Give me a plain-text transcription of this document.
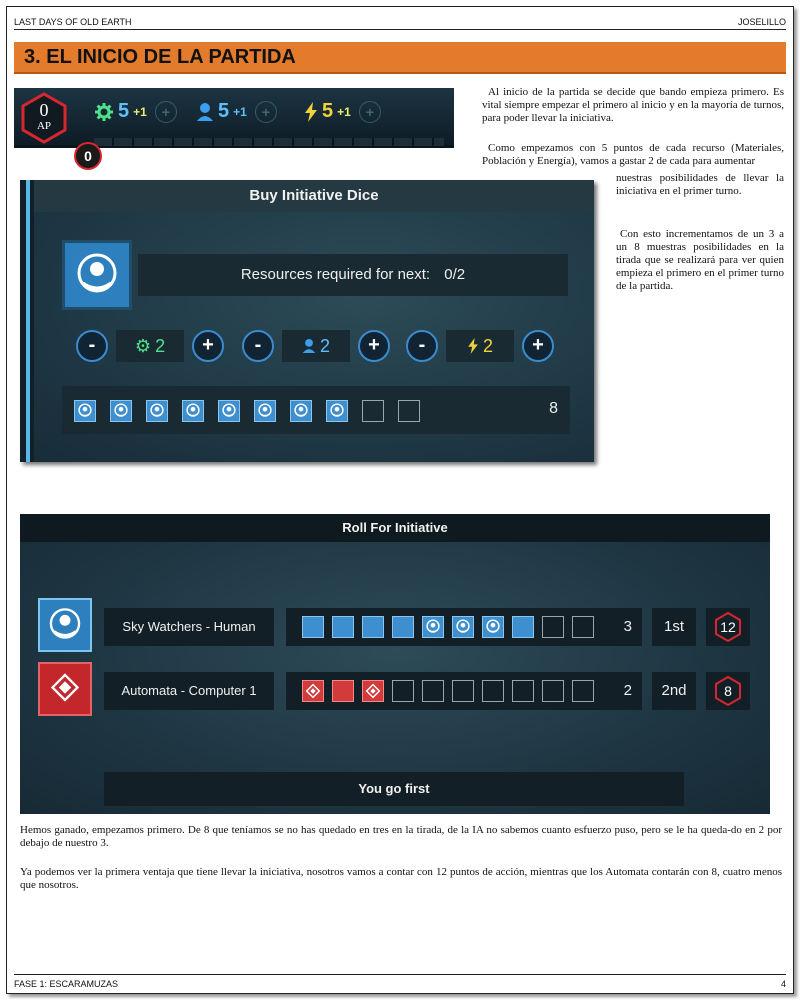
LAST DAYS OF OLD EARTH	JOSELILLO
3. EL INICIO DE LA PARTIDA
0
AP
5 +1	+	5 +1	+	5 +1	+
0
Al inicio de la partida se decide que bando empieza primero. Es vital siempre empezar el primero al inicio y en la mayoría de turnos, para poder llevar la iniciativa.
Como empezamos con 5 puntos de cada recurso (Materiales, Población y Energía), vamos a gastar 2 de cada para aumentar
nuestras posibilidades de llevar la iniciativa en el primer turno.
Con esto incrementamos de un 3 a un 8 muestras posibilidades en la tirada que se realizará para ver quien empieza el primero en el primer turno de la partida.
Buy Initiative Dice
Resources required for next: 0/2
-	⚙ 2	+	-	2	+	-	2	+
8
Roll For Initiative
Sky Watchers - Human	3	1st	12
Automata - Computer 1	2	2nd	8
You go first
Hemos ganado, empezamos primero. De 8 que teníamos se no has quedado en tres en la tirada, de la IA no sabemos cuanto esfuerzo puso, pero se le ha queda-do en 2 por debajo de nuestro 3.
Ya podemos ver la primera ventaja que tiene llevar la iniciativa, nosotros vamos a contar con 12 puntos de acción, mientras que los Automata contarán con 8, cuatro menos que nosotros.
FASE 1: ESCARAMUZAS	4
